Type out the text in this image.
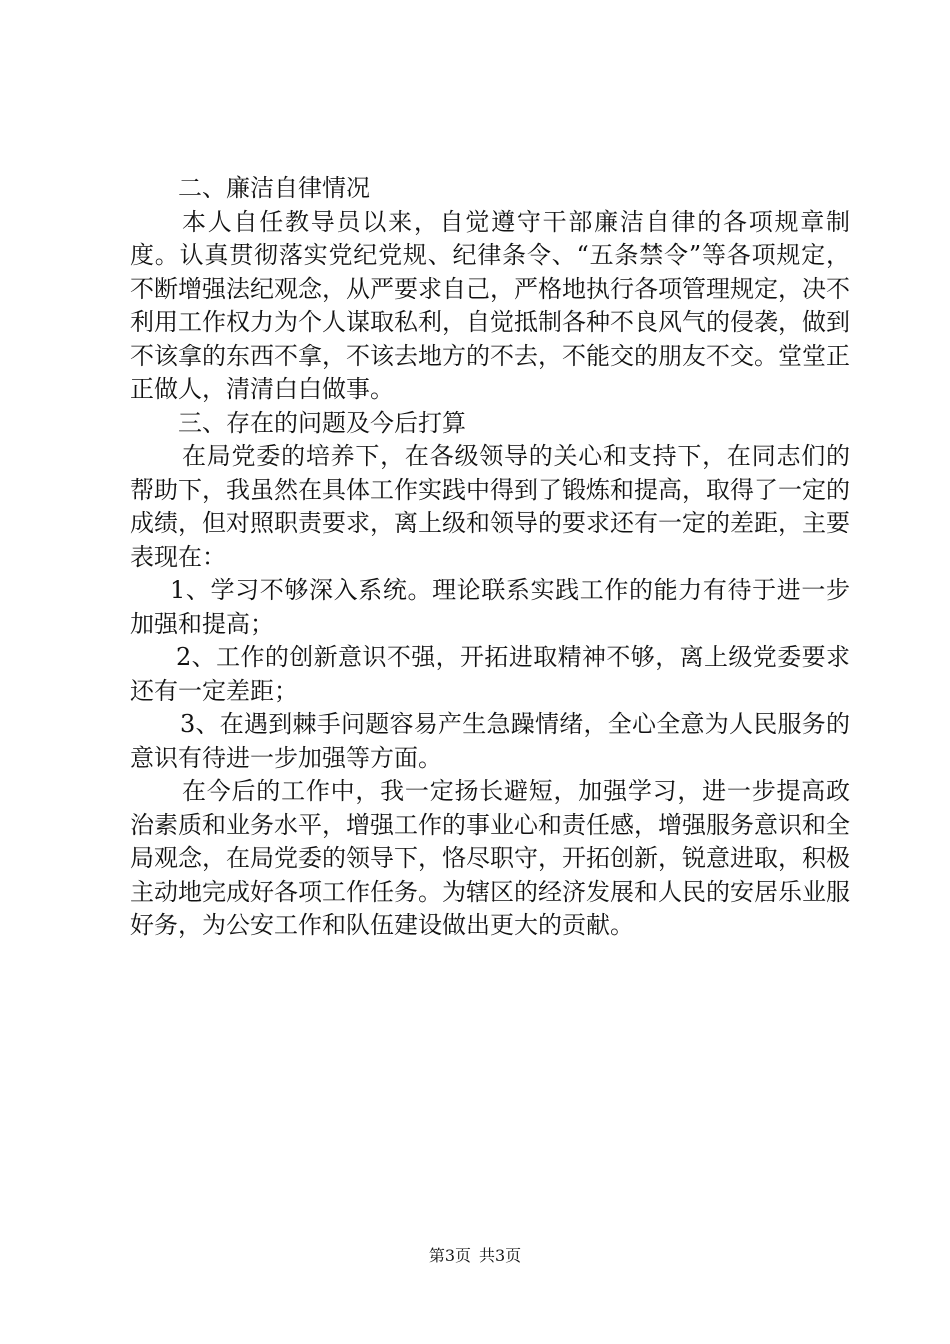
二、廉洁自律情况

本人自任教导员以来，自觉遵守干部廉洁自律的各项规章制度。认真贯彻落实党纪党规、纪律条令、“五条禁令”等各项规定，不断增强法纪观念，从严要求自己，严格地执行各项管理规定，决不利用工作权力为个人谋取私利，自觉抵制各种不良风气的侵袭，做到不该拿的东西不拿，不该去地方的不去，不能交的朋友不交。堂堂正正做人，清清白白做事。

三、存在的问题及今后打算

在局党委的培养下，在各级领导的关心和支持下，在同志们的帮助下，我虽然在具体工作实践中得到了锻炼和提高，取得了一定的成绩，但对照职责要求，离上级和领导的要求还有一定的差距，主要表现在：

1、学习不够深入系统。理论联系实践工作的能力有待于进一步加强和提高；

2、工作的创新意识不强，开拓进取精神不够，离上级党委要求还有一定差距；

3、在遇到棘手问题容易产生急躁情绪，全心全意为人民服务的意识有待进一步加强等方面。

在今后的工作中，我一定扬长避短，加强学习，进一步提高政治素质和业务水平，增强工作的事业心和责任感，增强服务意识和全局观念，在局党委的领导下，恪尽职守，开拓创新，锐意进取，积极主动地完成好各项工作任务。为辖区的经济发展和人民的安居乐业服好务，为公安工作和队伍建设做出更大的贡献。

第3页 共3页
